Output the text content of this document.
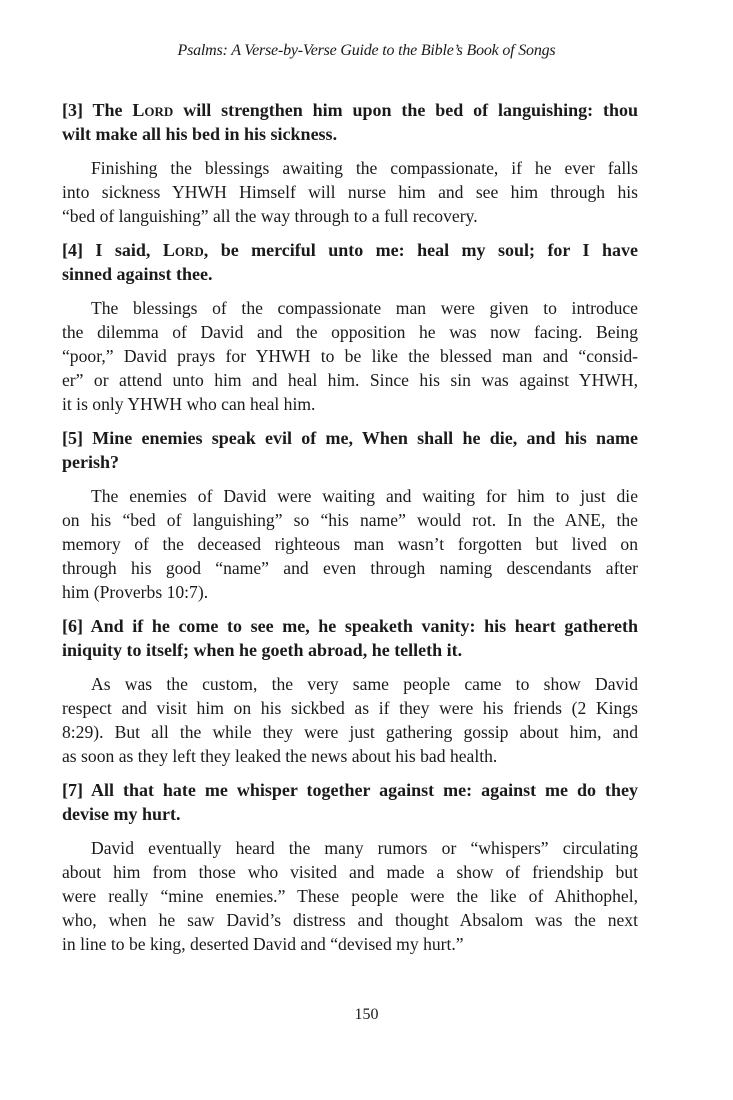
Psalms: A Verse-by-Verse Guide to the Bible’s Book of Songs
[3] The Lord will strengthen him upon the bed of languishing: thou
wilt make all his bed in his sickness.
Finishing the blessings awaiting the compassionate, if he ever falls
into sickness YHWH Himself will nurse him and see him through his
“bed of languishing” all the way through to a full recovery.
[4] I said, Lord, be merciful unto me: heal my soul; for I have
sinned against thee.
The blessings of the compassionate man were given to introduce
the dilemma of David and the opposition he was now facing. Being
“poor,” David prays for YHWH to be like the blessed man and “consid-
er” or attend unto him and heal him. Since his sin was against YHWH,
it is only YHWH who can heal him.
[5] Mine enemies speak evil of me, When shall he die, and his name
perish?
The enemies of David were waiting and waiting for him to just die
on his “bed of languishing” so “his name” would rot. In the ANE, the
memory of the deceased righteous man wasn’t forgotten but lived on
through his good “name” and even through naming descendants after
him (Proverbs 10:7).
[6] And if he come to see me, he speaketh vanity: his heart gathereth
iniquity to itself; when he goeth abroad, he telleth it.
As was the custom, the very same people came to show David
respect and visit him on his sickbed as if they were his friends (2 Kings
8:29). But all the while they were just gathering gossip about him, and
as soon as they left they leaked the news about his bad health.
[7] All that hate me whisper together against me: against me do they
devise my hurt.
David eventually heard the many rumors or “whispers” circulating
about him from those who visited and made a show of friendship but
were really “mine enemies.” These people were the like of Ahithophel,
who, when he saw David’s distress and thought Absalom was the next
in line to be king, deserted David and “devised my hurt.”
150
